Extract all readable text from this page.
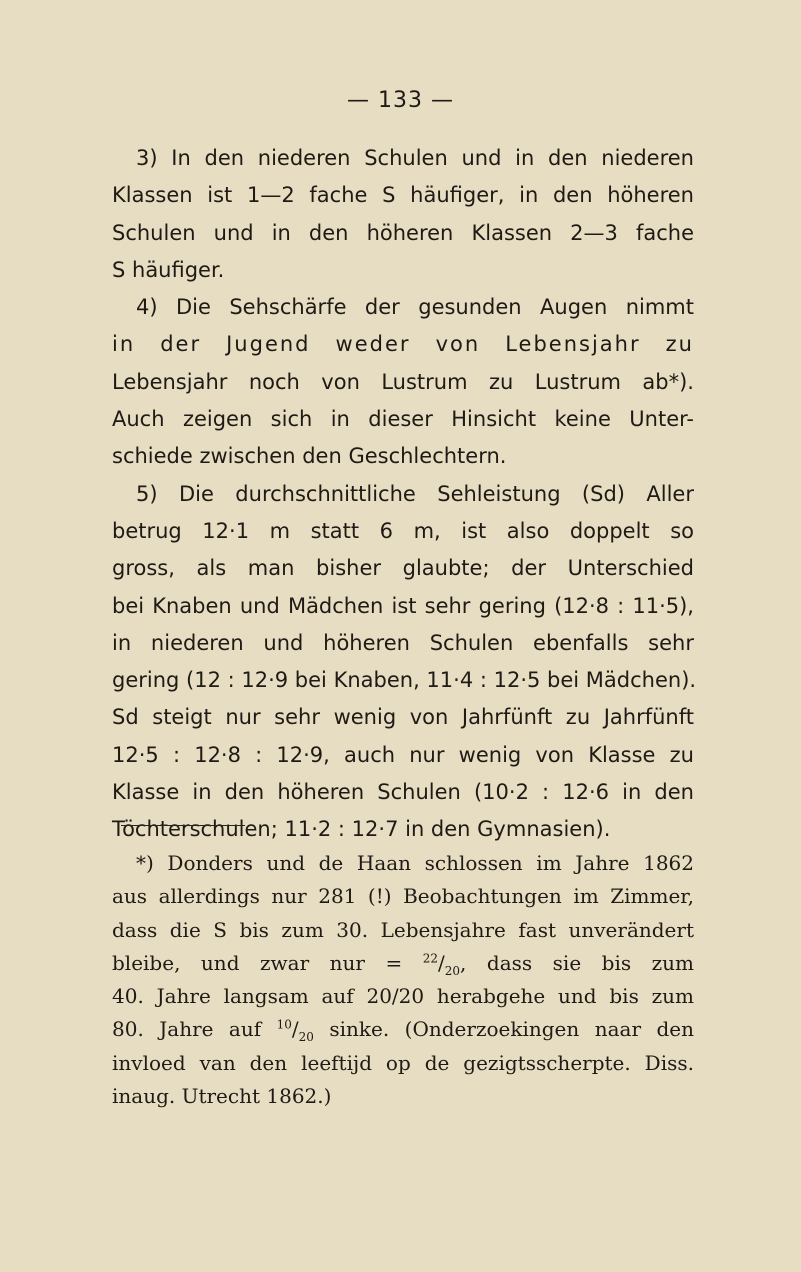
— 133 —
3) In den niederen Schulen und in den niederen
Klassen ist 1—2 fache S häufiger, in den höheren
Schulen und in den höheren Klassen 2—3 fache
S häufiger.
4) Die Sehschärfe der gesunden Augen nimmt
in der Jugend weder von Lebensjahr zu
Lebensjahr noch von Lustrum zu Lustrum ab*).
Auch zeigen sich in dieser Hinsicht keine Unter-
schiede zwischen den Geschlechtern.
5) Die durchschnittliche Sehleistung (Sd) Aller
betrug 12·1 m statt 6 m, ist also doppelt so
gross, als man bisher glaubte; der Unterschied
bei Knaben und Mädchen ist sehr gering (12·8 : 11·5),
in niederen und höheren Schulen ebenfalls sehr
gering (12 : 12·9 bei Knaben, 11·4 : 12·5 bei Mädchen).
Sd steigt nur sehr wenig von Jahrfünft zu Jahrfünft
12·5 : 12·8 : 12·9, auch nur wenig von Klasse zu
Klasse in den höheren Schulen (10·2 : 12·6 in den
Töchterschulen; 11·2 : 12·7 in den Gymnasien).
*) Donders und de Haan schlossen im Jahre 1862
aus allerdings nur 281 (!) Beobachtungen im Zimmer,
dass die S bis zum 30. Lebensjahre fast unverändert
bleibe, und zwar nur = $^{22}/_{20}$, dass sie bis zum
40. Jahre langsam auf 20/20 herabgehe und bis zum
80. Jahre auf $^{10}/_{20}$ sinke. (Onderzoekingen naar den
invloed van den leeftijd op de gezigtsscherpte. Diss.
inaug. Utrecht 1862.)
